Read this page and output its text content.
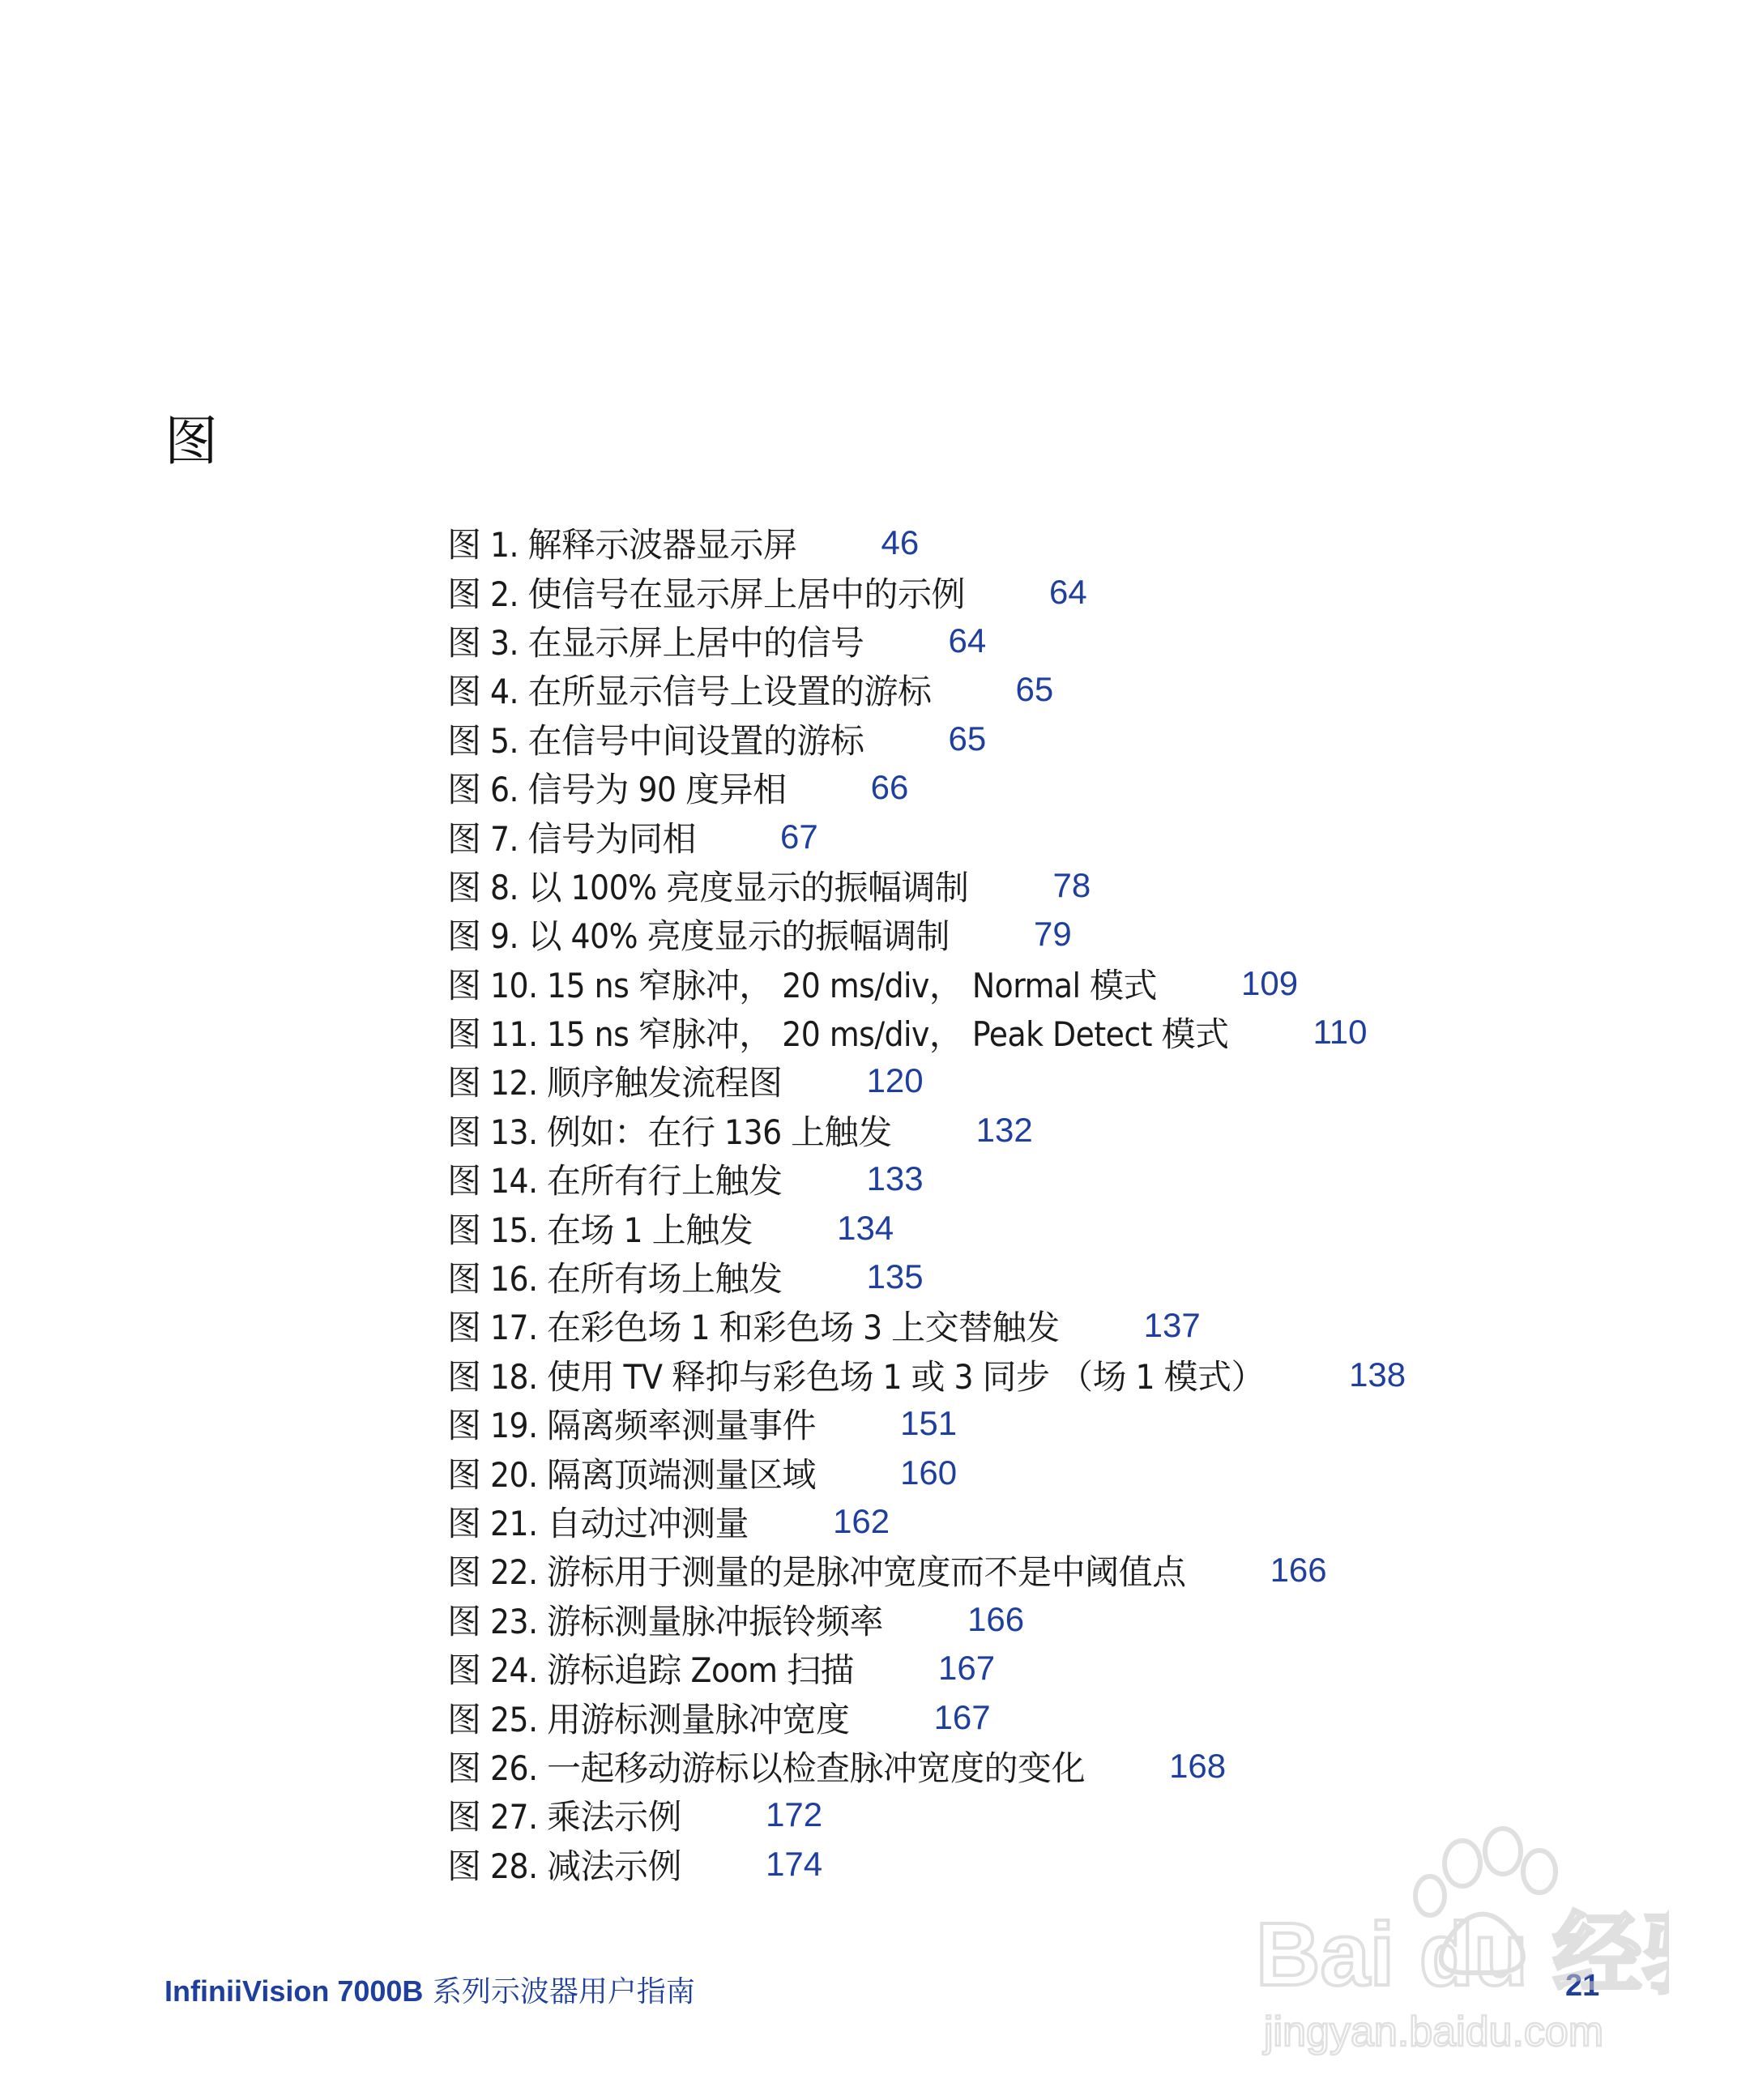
图
图 1. 解释示波器显示屏 46
图 2. 使信号在显示屏上居中的示例 64
图 3. 在显示屏上居中的信号 64
图 4. 在所显示信号上设置的游标 65
图 5. 在信号中间设置的游标 65
图 6. 信号为 90 度异相 66
图 7. 信号为同相 67
图 8. 以 100% 亮度显示的振幅调制 78
图 9. 以 40% 亮度显示的振幅调制 79
图 10. 15 ns 窄脉冲， 20 ms/div， Normal 模式 109
图 11. 15 ns 窄脉冲， 20 ms/div， Peak Detect 模式 110
图 12. 顺序触发流程图 120
图 13. 例如：在行 136 上触发 132
图 14. 在所有行上触发 133
图 15. 在场 1 上触发 134
图 16. 在所有场上触发 135
图 17. 在彩色场 1 和彩色场 3 上交替触发 137
图 18. 使用 TV 释抑与彩色场 1 或 3 同步 （场 1 模式） 138
图 19. 隔离频率测量事件 151
图 20. 隔离顶端测量区域 160
图 21. 自动过冲测量 162
图 22. 游标用于测量的是脉冲宽度而不是中阈值点 166
图 23. 游标测量脉冲振铃频率 166
图 24. 游标追踪 Zoom 扫描 167
图 25. 用游标测量脉冲宽度 167
图 26. 一起移动游标以检查脉冲宽度的变化 168
图 27. 乘法示例 172
图 28. 减法示例 174
InfiniiVision 7000B 系列示波器用户指南	21
Bai du 经
jingyan.baidu.com
